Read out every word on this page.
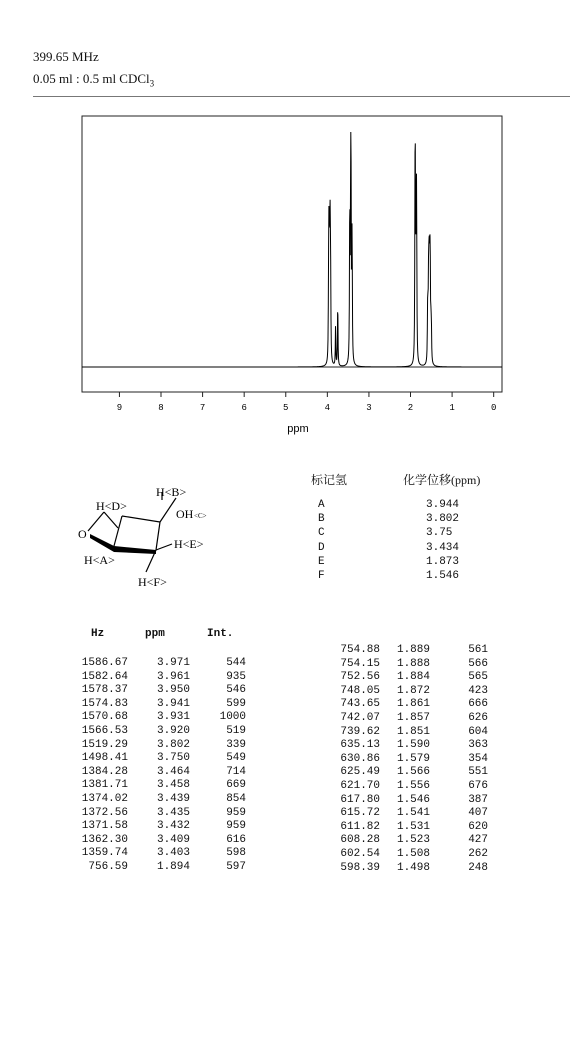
399.65 MHz
0.05 ml : 0.5 ml CDCl$_3$
9	8	7	6	5	4	3	2	1	0
ppm
O
OH <C>
H<B>
H<D>
H<E>
H<A>
H<F>
标记氢	化学位移(ppm)
A	3.944
B	3.802
C	3.75
D	3.434
E	1.873
F	1.546
Hz	ppm	Int.
1586.67	3.971	544
1582.64	3.961	935
1578.37	3.950	546
1574.83	3.941	599
1570.68	3.931	1000
1566.53	3.920	519
1519.29	3.802	339
1498.41	3.750	549
1384.28	3.464	714
1381.71	3.458	669
1374.02	3.439	854
1372.56	3.435	959
1371.58	3.432	959
1362.30	3.409	616
1359.74	3.403	598
756.59	1.894	597
754.88	1.889	561
754.15	1.888	566
752.56	1.884	565
748.05	1.872	423
743.65	1.861	666
742.07	1.857	626
739.62	1.851	604
635.13	1.590	363
630.86	1.579	354
625.49	1.566	551
621.70	1.556	676
617.80	1.546	387
615.72	1.541	407
611.82	1.531	620
608.28	1.523	427
602.54	1.508	262
598.39	1.498	248
